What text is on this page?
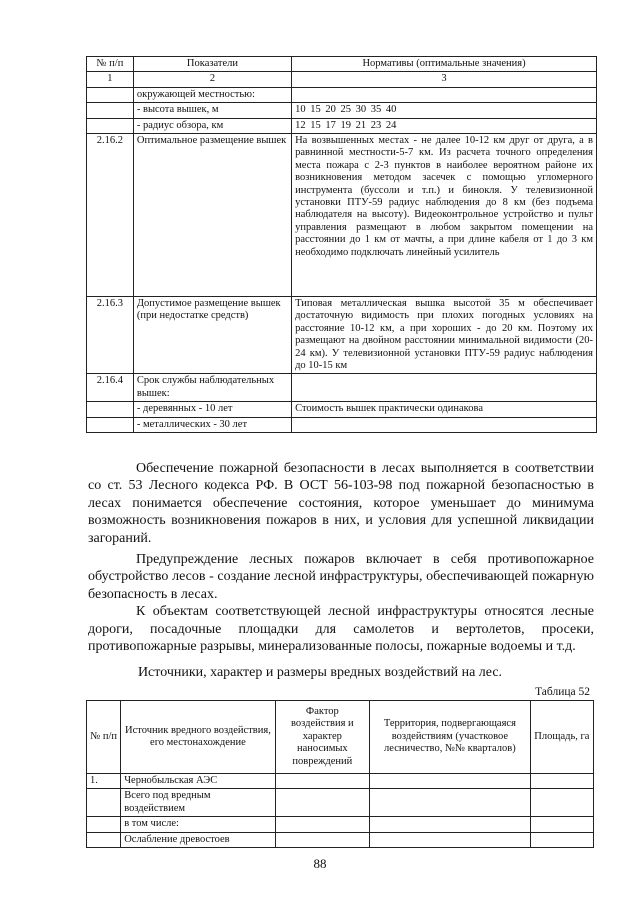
№ п/п	Показатели	Нормативы (оптимальные значения)
1	2	3
	окружающей местностью:	
	- высота вышек, м	10 15 20 25 30 35 40
	- радиус обзора, км	12 15 17 19 21 23 24
2.16.2	Оптимальное размещение вышек	На возвышенных местах - не далее 10-12 км друг от друга, а в равнинной местности-5-7 км. Из расчета точного определения места пожара с 2-3 пунктов в наиболее вероятном районе их возникновения методом засечек с помощью угломерного инструмента (буссоли и т.п.) и бинокля. У телевизионной установки ПТУ-59 радиус наблюдения до 8 км (без подъема наблюдателя на высоту). Видеоконтрольное устройство и пульт управления размещают в любом закрытом помещении на расстоянии до 1 км от мачты, а при длине кабеля от 1 до 3 км необходимо подключать линейный усилитель
2.16.3	Допустимое размещение вышек (при недостатке средств)	Типовая металлическая вышка высотой 35 м обеспечивает достаточную видимость при плохих погодных условиях на расстояние 10-12 км, а при хороших - до 20 км. Поэтому их размещают на двойном расстоянии минимальной видимости (20-24 км). У телевизионной установки ПТУ-59 радиус наблюдения до 10-15 км
2.16.4	Срок службы наблюдательных вышек:	
	- деревянных - 10 лет	Стоимость вышек практически одинакова
	- металлических - 30 лет	

Обеспечение пожарной безопасности в лесах выполняется в соответствии со ст. 53 Лесного кодекса РФ. В ОСТ 56-103-98 под пожарной безопасностью в лесах понимается обеспечение состояния, которое уменьшает до минимума возможность возникновения пожаров в них, и условия для успешной ликвидации загораний.

Предупреждение лесных пожаров включает в себя противопожарное обустройство лесов - создание лесной инфраструктуры, обеспечивающей пожарную безопасность в лесах.

К объектам соответствующей лесной инфраструктуры относятся лесные дороги, посадочные площадки для самолетов и вертолетов, просеки, противопожарные разрывы, минерализованные полосы, пожарные водоемы и т.д.

Источники, характер и размеры вредных воздействий на лес.
Таблица 52
№ п/п	Источник вредного воздействия, его местонахождение	Фактор воздействия и характер наносимых повреждений	Территория, подвергающаяся воздействиям (участковое лесничество, №№ кварталов)	Площадь, га
1.	Чернобыльская АЭС			
	Всего под вредным воздействием			
	в том числе:			
	Ослабление древостоев			
88
